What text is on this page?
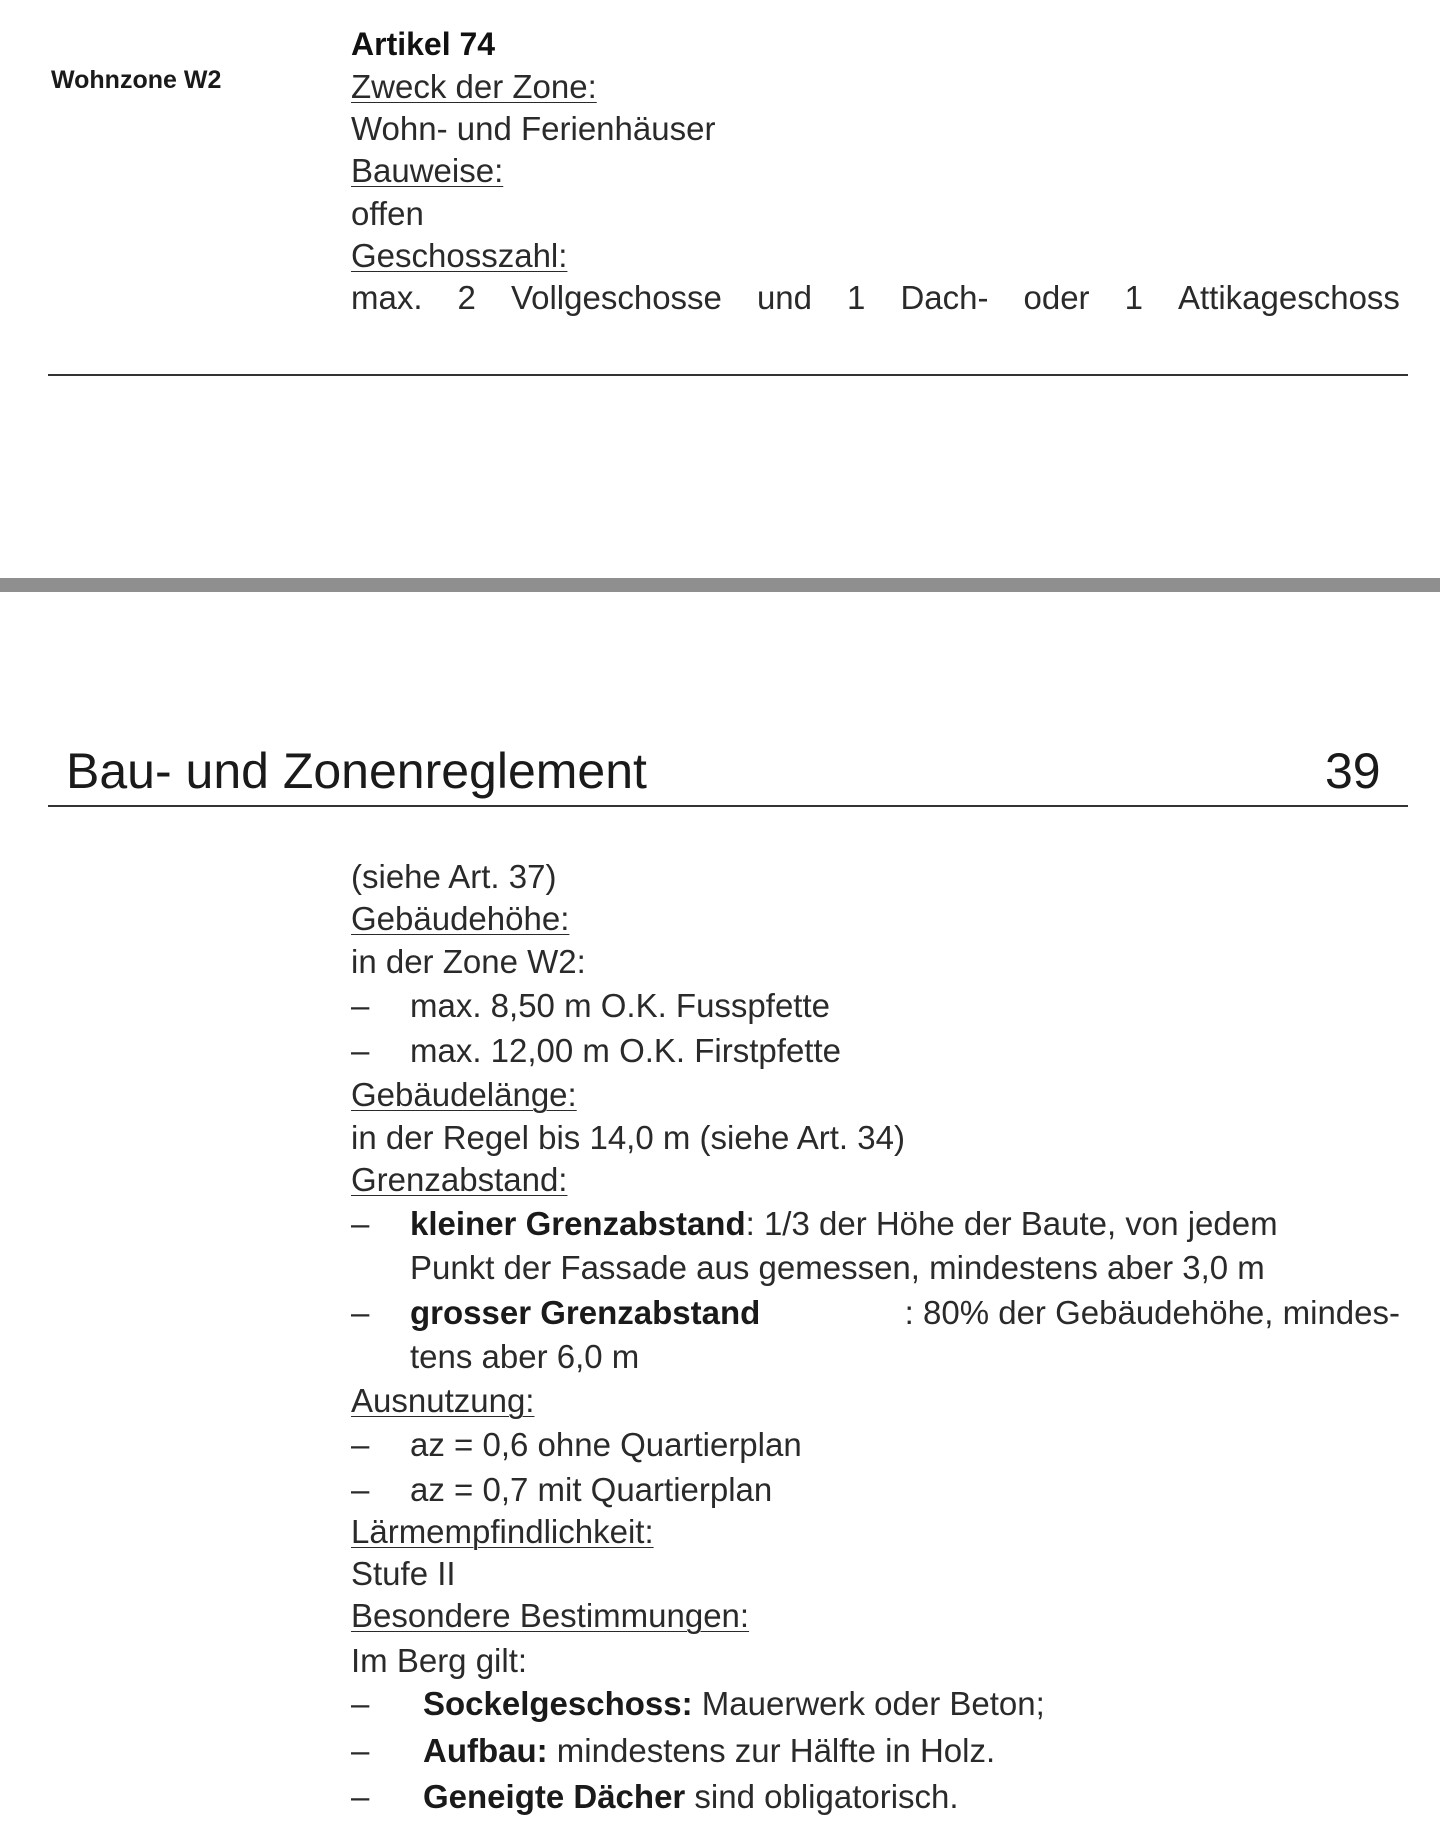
Wohnzone W2
Artikel 74
Zweck der Zone:
Wohn- und Ferienhäuser
Bauweise:
offen
Geschosszahl:
max. 2 Vollgeschosse und 1 Dach- oder 1 Attikageschoss
Bau- und Zonenreglement	39
(siehe Art. 37)
Gebäudehöhe:
in der Zone W2:
– max. 8,50 m O.K. Fusspfette
– max. 12,00 m O.K. Firstpfette
Gebäudelänge:
in der Regel bis 14,0 m (siehe Art. 34)
Grenzabstand:
– kleiner Grenzabstand: 1/3 der Höhe der Baute, von jedem
Punkt der Fassade aus gemessen, mindestens aber 3,0 m
– grosser Grenzabstand	: 80% der Gebäudehöhe, mindes-
tens aber 6,0 m
Ausnutzung:
– az = 0,6 ohne Quartierplan
– az = 0,7 mit Quartierplan
Lärmempfindlichkeit:
Stufe II
Besondere Bestimmungen:
Im Berg gilt:
– Sockelgeschoss: Mauerwerk oder Beton;
– Aufbau: mindestens zur Hälfte in Holz.
– Geneigte Dächer sind obligatorisch.
